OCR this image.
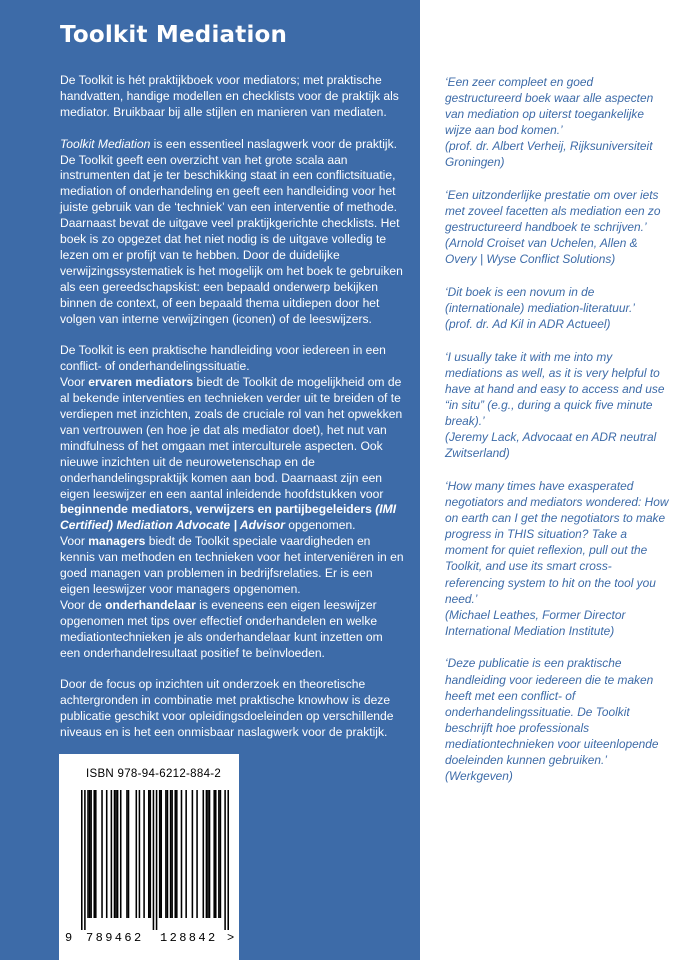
Toolkit Mediation

De Toolkit is hét praktijkboek voor mediators; met praktische handvatten, handige modellen en checklists voor de praktijk als mediator. Bruikbaar bij alle stijlen en manieren van mediaten.

Toolkit Mediation is een essentieel naslagwerk voor de praktijk. De Toolkit geeft een overzicht van het grote scala aan instrumenten dat je ter beschikking staat in een conflictsituatie, mediation of onderhandeling en geeft een handleiding voor het juiste gebruik van de ‘techniek’ van een interventie of methode. Daarnaast bevat de uitgave veel praktijkgerichte checklists. Het boek is zo opgezet dat het niet nodig is de uitgave volledig te lezen om er profijt van te hebben. Door de duidelijke verwijzingssystematiek is het mogelijk om het boek te gebruiken als een gereedschapskist: een bepaald onderwerp bekijken binnen de context, of een bepaald thema uitdiepen door het volgen van interne verwijzingen (iconen) of de leeswijzers.

De Toolkit is een praktische handleiding voor iedereen in een conflict- of onderhandelingssituatie.

Voor ervaren mediators biedt de Toolkit de mogelijkheid om de al bekende interventies en technieken verder uit te breiden of te verdiepen met inzichten, zoals de cruciale rol van het opwekken van vertrouwen (en hoe je dat als mediator doet), het nut van mindfulness of het omgaan met interculturele aspecten. Ook nieuwe inzichten uit de neurowetenschap en de onderhandelingspraktijk komen aan bod. Daarnaast zijn een eigen leeswijzer en een aantal inleidende hoofdstukken voor beginnende mediators, verwijzers en partijbegeleiders (IMI Certified) Mediation Advocate | Advisor opgenomen.

Voor managers biedt de Toolkit speciale vaardigheden en kennis van methoden en technieken voor het interveniëren in en goed managen van problemen in bedrijfsrelaties. Er is een eigen leeswijzer voor managers opgenomen.

Voor de onderhandelaar is eveneens een eigen leeswijzer opgenomen met tips over effectief onderhandelen en welke mediationtechnieken je als onderhandelaar kunt inzetten om een onderhandelresultaat positief te beïnvloeden.

Door de focus op inzichten uit onderzoek en theoretische achtergronden in combinatie met praktische knowhow is deze publicatie geschikt voor opleidingsdoeleinden op verschillende niveaus en is het een onmisbaar naslagwerk voor de praktijk.

ISBN 978-94-6212-884-2
9 789462 128842 >
‘Een zeer compleet en goed gestructureerd boek waar alle aspecten van mediation op uiterst toegankelijke wijze aan bod komen.’
(prof. dr. Albert Verheij, Rijksuniversiteit Groningen)
‘Een uitzonderlijke prestatie om over iets met zoveel facetten als mediation een zo gestructureerd handboek te schrijven.’
(Arnold Croiset van Uchelen, Allen & Overy | Wyse Conflict Solutions)
‘Dit boek is een novum in de (internationale) mediation-literatuur.’
(prof. dr. Ad Kil in ADR Actueel)
‘I usually take it with me into my mediations as well, as it is very helpful to have at hand and easy to access and use “in situ” (e.g., during a quick five minute break).’
(Jeremy Lack, Advocaat en ADR neutral Zwitserland)
‘How many times have exasperated negotiators and mediators wondered: How on earth can I get the negotiators to make progress in THIS situation? Take a moment for quiet reflexion, pull out the Toolkit, and use its smart cross-referencing system to hit on the tool you need.’
(Michael Leathes, Former Director International Mediation Institute)
‘Deze publicatie is een praktische handleiding voor iedereen die te maken heeft met een conflict- of onderhandelingssituatie. De Toolkit beschrijft hoe professionals mediationtechnieken voor uiteenlopende doeleinden kunnen gebruiken.’
(Werkgeven)
